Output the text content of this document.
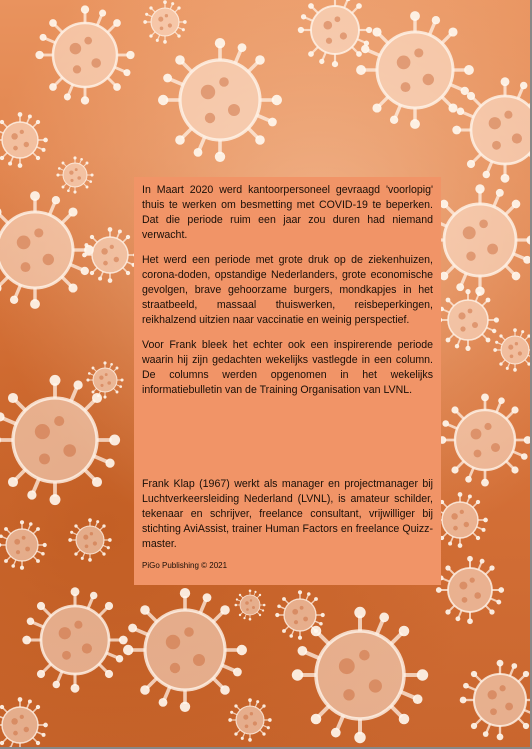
In Maart 2020 werd kantoorpersoneel gevraagd 'voorlopig' thuis te werken om besmetting met COVID-19 te beperken. Dat die periode ruim een jaar zou duren had niemand verwacht.

Het werd een periode met grote druk op de ziekenhuizen, corona-doden, opstandige Nederlanders, grote economische gevolgen, brave gehoorzame burgers, mondkapjes in het straatbeeld, massaal thuiswerken, reisbeperkingen, reikhalzend uitzien naar vaccinatie en weinig perspectief.

Voor Frank bleek het echter ook een inspirerende periode waarin hij zijn gedachten wekelijks vastlegde in een column. De columns werden opgenomen in het wekelijks informatiebulletin van de Training Organisation van LVNL.

Frank Klap (1967) werkt als manager en projectmanager bij Luchtverkeersleiding Nederland (LVNL), is amateur schilder, tekenaar en schrijver, freelance consultant, vrijwilliger bij stichting AviAssist, trainer Human Factors en freelance Quizz-master.

PiGo Publishing © 2021
